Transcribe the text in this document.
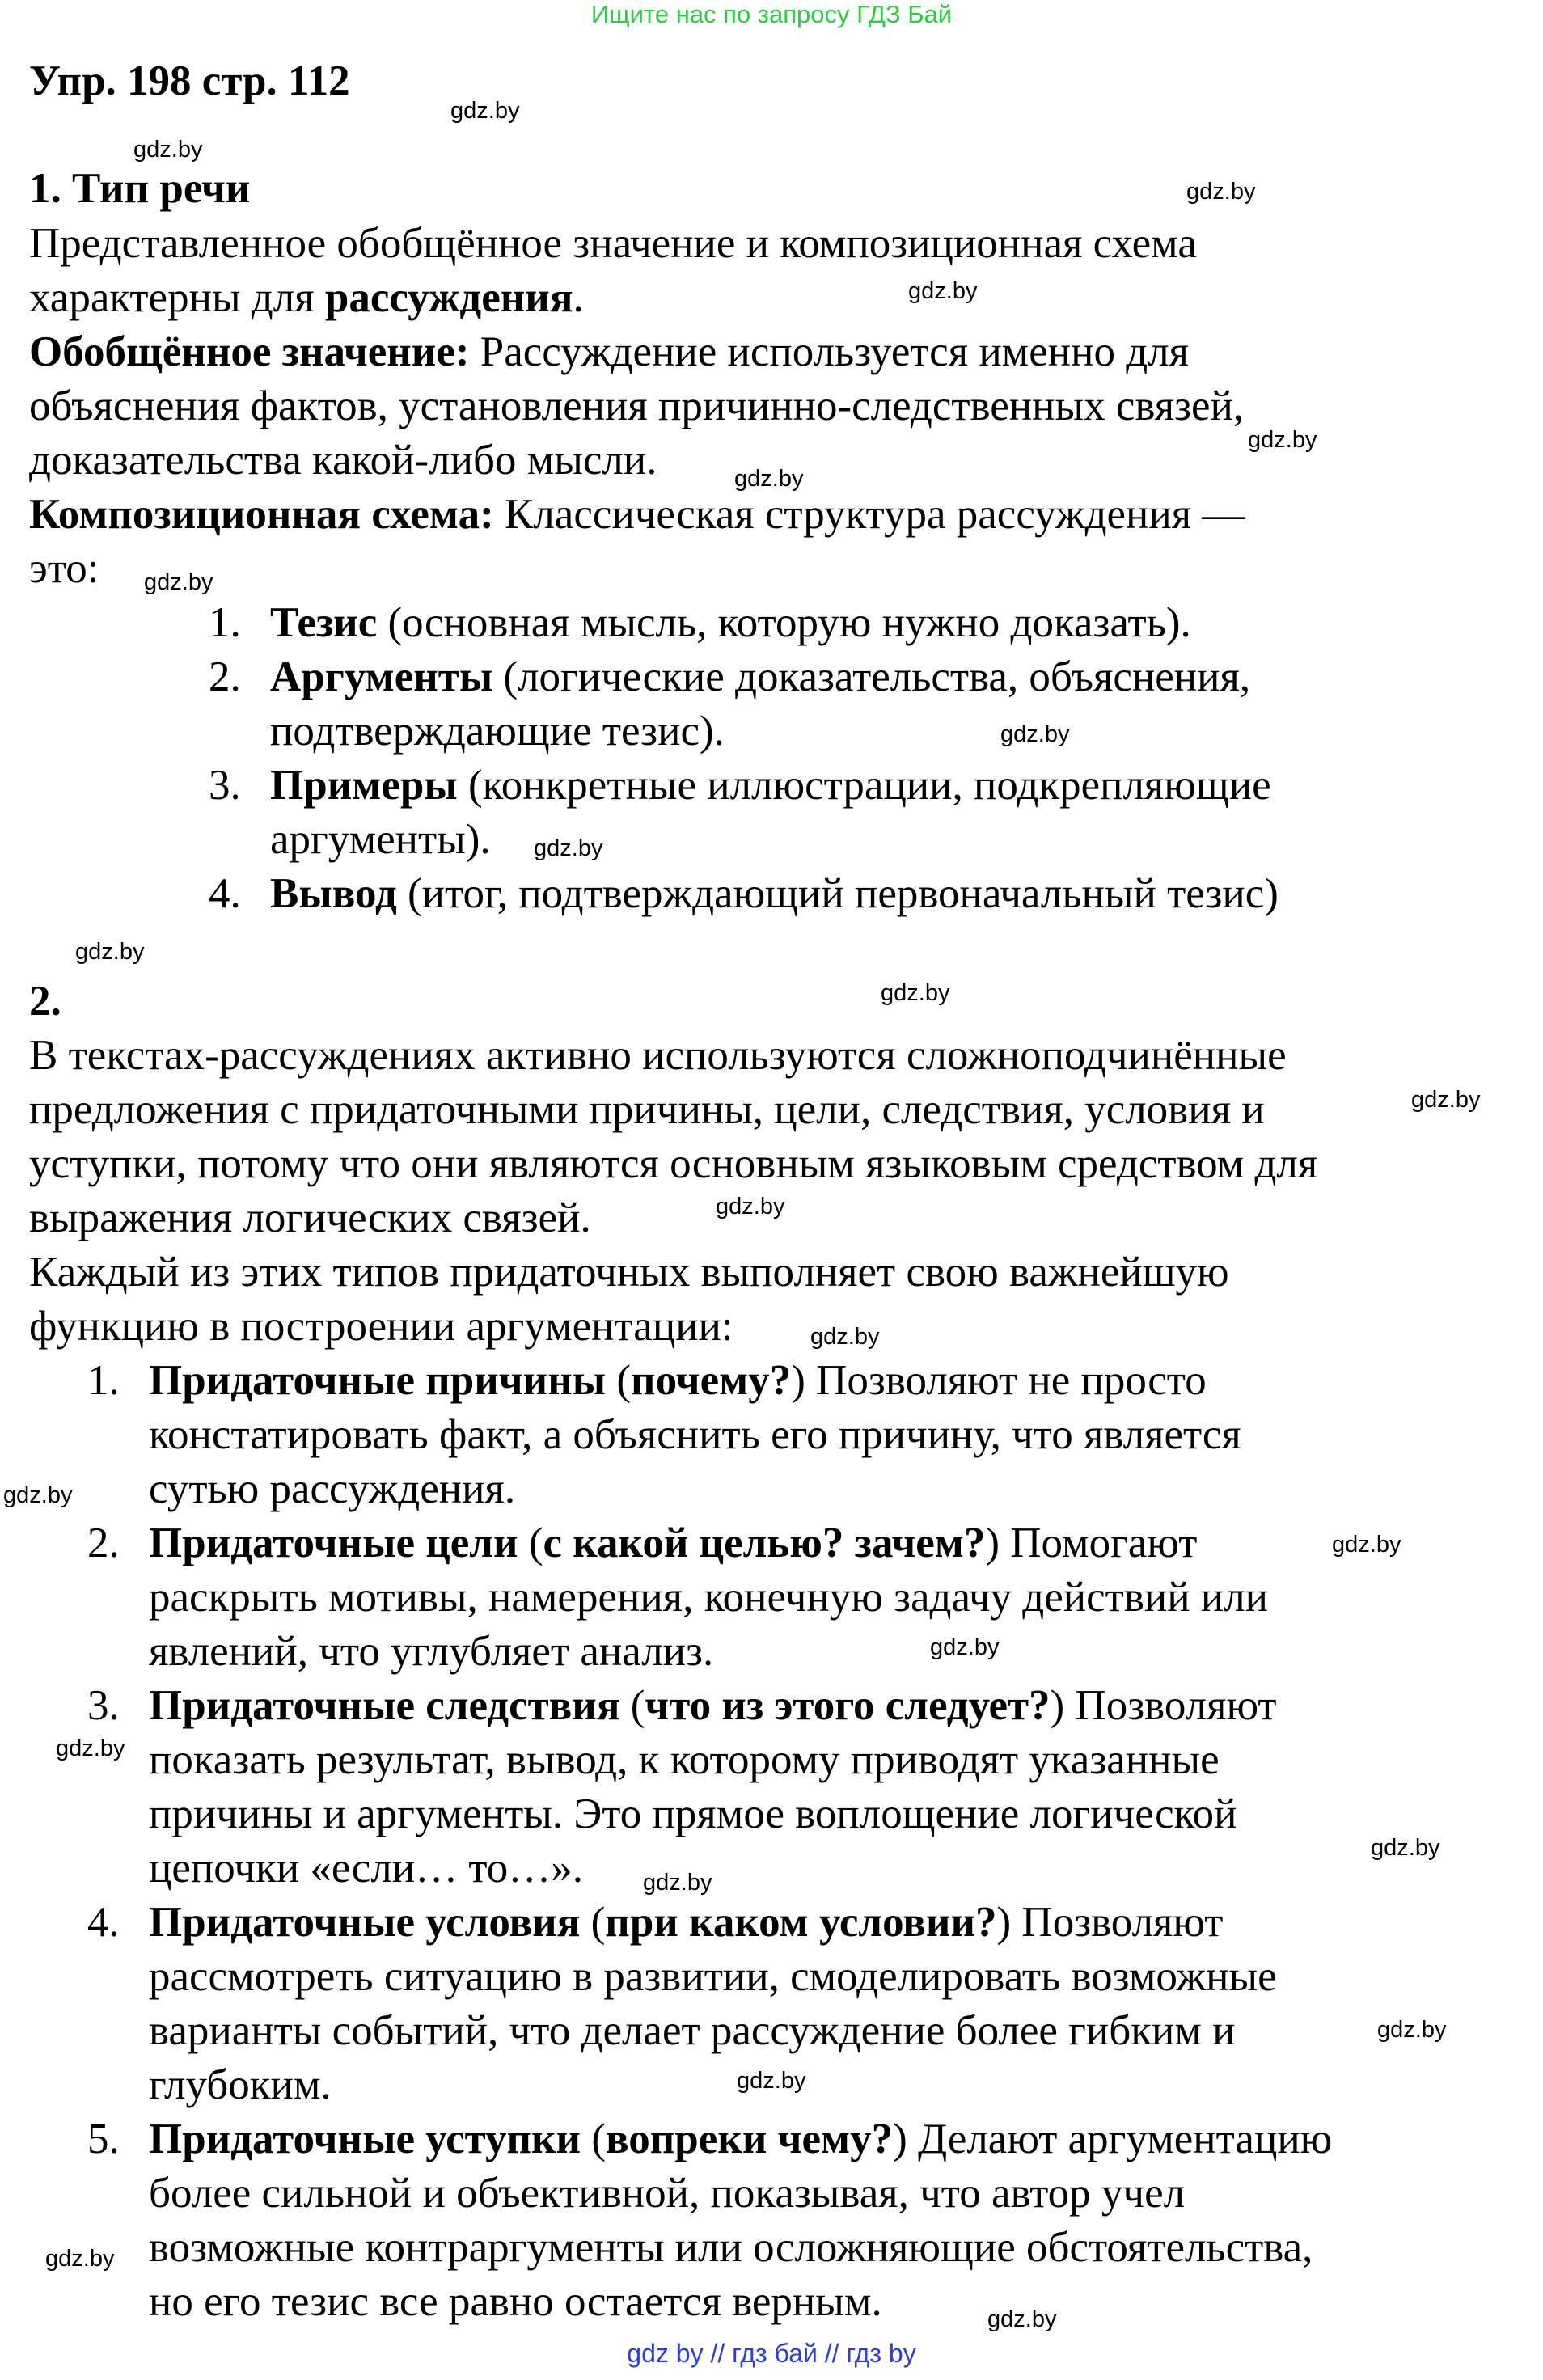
Ищите нас по запросу ГДЗ Бай
Упр. 198 стр. 112
1. Тип речи
Представленное обобщённое значение и композиционная схема
характерны для рассуждения.
Обобщённое значение: Рассуждение используется именно для
объяснения фактов, установления причинно-следственных связей,
доказательства какой-либо мысли.
Композиционная схема: Классическая структура рассуждения —
это:
1. Тезис (основная мысль, которую нужно доказать).
2. Аргументы (логические доказательства, объяснения,
подтверждающие тезис).
3. Примеры (конкретные иллюстрации, подкрепляющие
аргументы).
4. Вывод (итог, подтверждающий первоначальный тезис)
2.
В текстах-рассуждениях активно используются сложноподчинённые
предложения с придаточными причины, цели, следствия, условия и
уступки, потому что они являются основным языковым средством для
выражения логических связей.
Каждый из этих типов придаточных выполняет свою важнейшую
функцию в построении аргументации:
1. Придаточные причины (почему?) Позволяют не просто
констатировать факт, а объяснить его причину, что является
сутью рассуждения.
2. Придаточные цели (с какой целью? зачем?) Помогают
раскрыть мотивы, намерения, конечную задачу действий или
явлений, что углубляет анализ.
3. Придаточные следствия (что из этого следует?) Позволяют
показать результат, вывод, к которому приводят указанные
причины и аргументы. Это прямое воплощение логической
цепочки «если… то…».
4. Придаточные условия (при каком условии?) Позволяют
рассмотреть ситуацию в развитии, смоделировать возможные
варианты событий, что делает рассуждение более гибким и
глубоким.
5. Придаточные уступки (вопреки чему?) Делают аргументацию
более сильной и объективной, показывая, что автор учел
возможные контраргументы или осложняющие обстоятельства,
но его тезис все равно остается верным.
gdz.by
gdz.by
gdz.by
gdz.by
gdz.by
gdz.by
gdz.by
gdz.by
gdz.by
gdz.by
gdz.by
gdz.by
gdz.by
gdz.by
gdz.by
gdz.by
gdz.by
gdz.by
gdz.by
gdz.by
gdz.by
gdz.by
gdz.by
gdz.by
gdz by // гдз бай // гдз by
